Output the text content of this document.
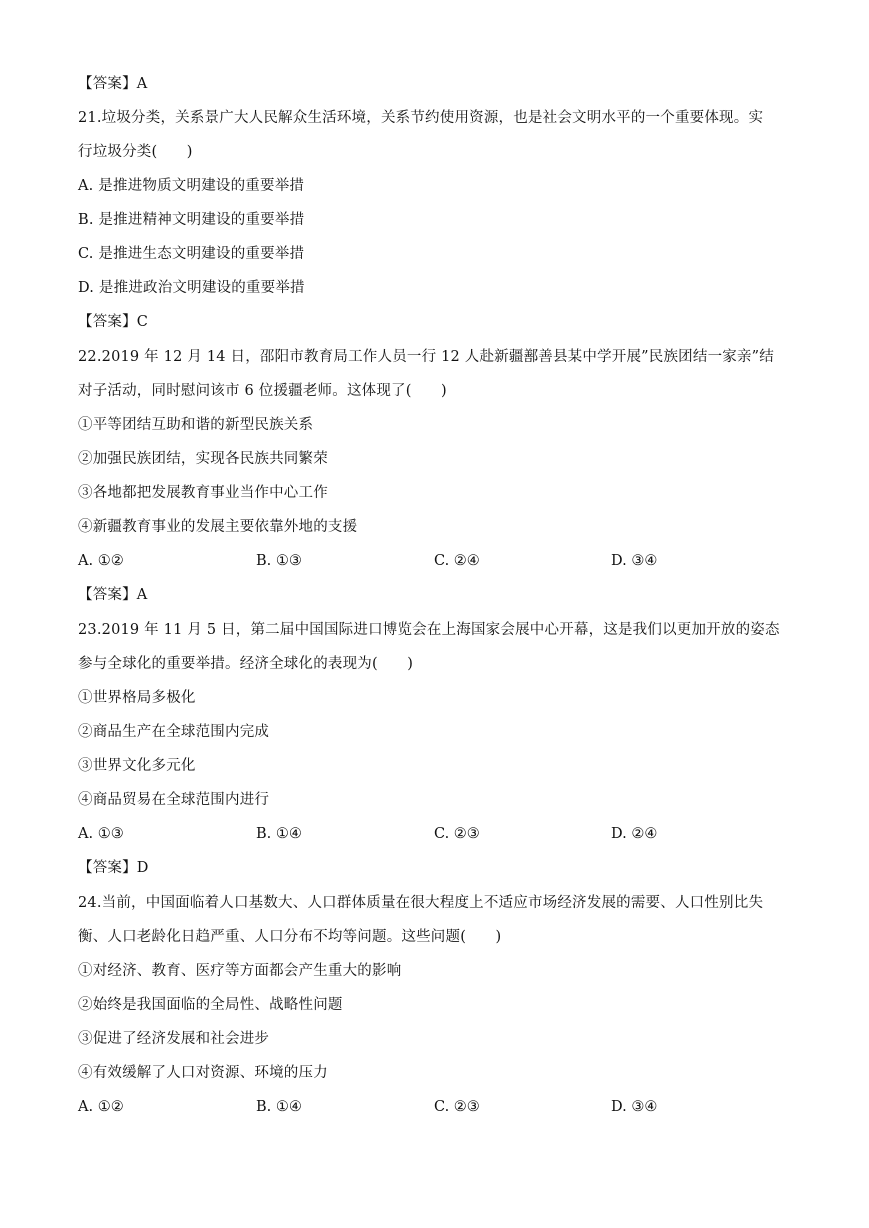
【答案】A
21.垃圾分类，关系景广大人民解众生活环境，关系节约使用资源，也是社会文明水平的一个重要体现。实
行垃圾分类(　　)
A. 是推进物质文明建设的重要举措
B. 是推进精神文明建设的重要举措
C. 是推进生态文明建设的重要举措
D. 是推进政治文明建设的重要举措
【答案】C
22.2019 年 12 月 14 日，邵阳市教育局工作人员一行 12 人赴新疆鄯善县某中学开展”民族团结一家亲”结
对子活动，同时慰问该市 6 位援疆老师。这体现了(　　)
①平等团结互助和谐的新型民族关系
②加强民族团结，实现各民族共同繁荣
③各地都把发展教育事业当作中心工作
④新疆教育事业的发展主要依靠外地的支援
A. ①②	B. ①③	C. ②④	D. ③④
【答案】A
23.2019 年 11 月 5 日，第二届中国国际进口博览会在上海国家会展中心开幕，这是我们以更加开放的姿态
参与全球化的重要举措。经济全球化的表现为(　　)
①世界格局多极化
②商品生产在全球范围内完成
③世界文化多元化
④商品贸易在全球范围内进行
A. ①③	B. ①④	C. ②③	D. ②④
【答案】D
24.当前，中国面临着人口基数大、人口群体质量在很大程度上不适应市场经济发展的需要、人口性别比失
衡、人口老龄化日趋严重、人口分布不均等问题。这些问题(　　)
①对经济、教育、医疗等方面都会产生重大的影响
②始终是我国面临的全局性、战略性问题
③促进了经济发展和社会进步
④有效缓解了人口对资源、环境的压力
A. ①②	B. ①④	C. ②③	D. ③④
